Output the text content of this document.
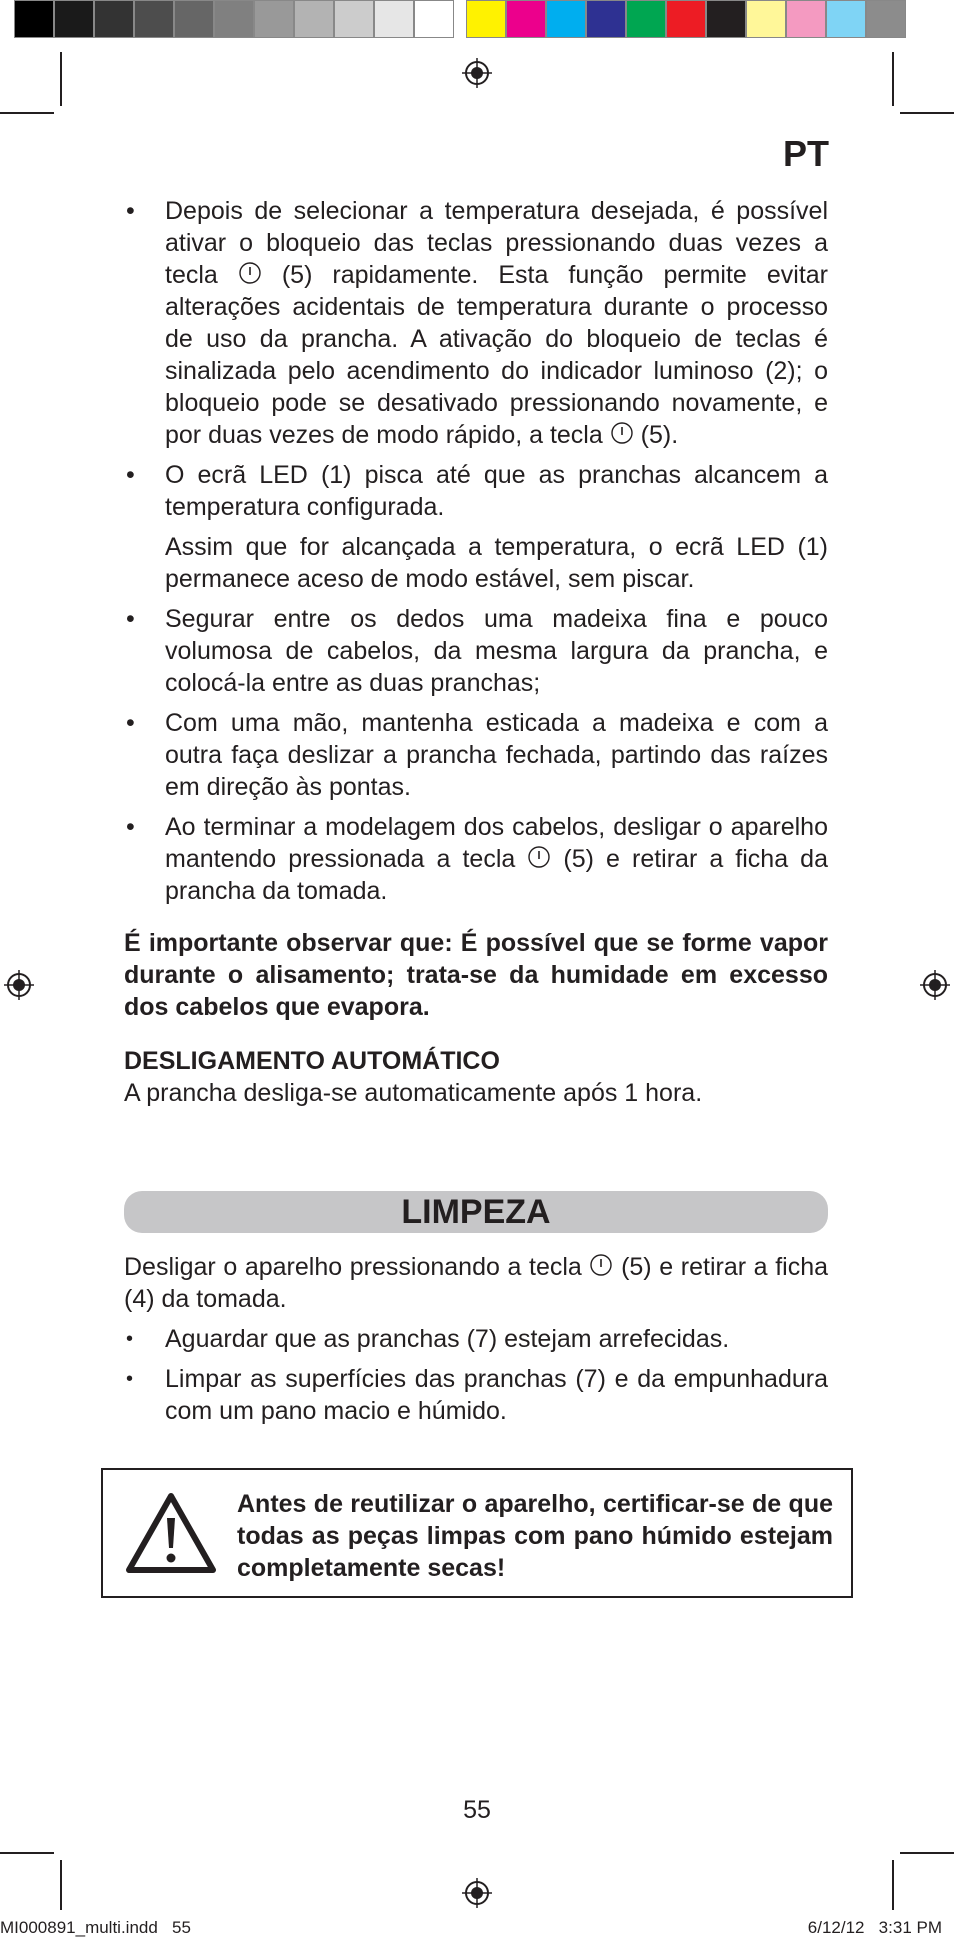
PT
• Depois de selecionar a temperatura desejada, é possível ativar o bloqueio das teclas pressionando duas vezes a tecla  (5) rapidamente. Esta função permite evitar alterações acidentais de temperatura durante o processo de uso da prancha. A ativação do bloqueio de teclas é sinalizada pelo acendimento do indicador luminoso (2); o bloqueio pode se desativado pressionando novamente, e por duas vezes de modo rápido, a tecla  (5).
• O ecrã LED (1) pisca até que as pranchas alcancem a temperatura configurada.

Assim que for alcançada a temperatura, o ecrã LED (1) permanece aceso de modo estável, sem piscar.

• Segurar entre os dedos uma madeixa fina e pouco volumosa de cabelos, da mesma largura da prancha, e colocá-la entre as duas pranchas;
• Com uma mão, mantenha esticada a madeixa e com a outra faça deslizar a prancha fechada, partindo das raízes em direção às pontas.
• Ao terminar a modelagem dos cabelos, desligar o aparelho mantendo pressionada a tecla  (5) e retirar a ficha da prancha da tomada.

É importante observar que: É possível que se forme vapor durante o alisamento; trata-se da humidade em excesso dos cabelos que evapora.

DESLIGAMENTO AUTOMÁTICO

A prancha desliga-se automaticamente após 1 hora.

LIMPEZA

Desligar o aparelho pressionando a tecla  (5) e retirar a ficha (4) da tomada.

• Aguardar que as pranchas (7) estejam arrefecidas.
• Limpar as superfícies das pranchas (7) e da empunhadura com um pano macio e húmido.
Antes de reutilizar o aparelho, certificar-se de que todas as peças limpas com pano húmido estejam completamente secas!
55
MI000891_multi.indd   55	6/12/12   3:31 PM
